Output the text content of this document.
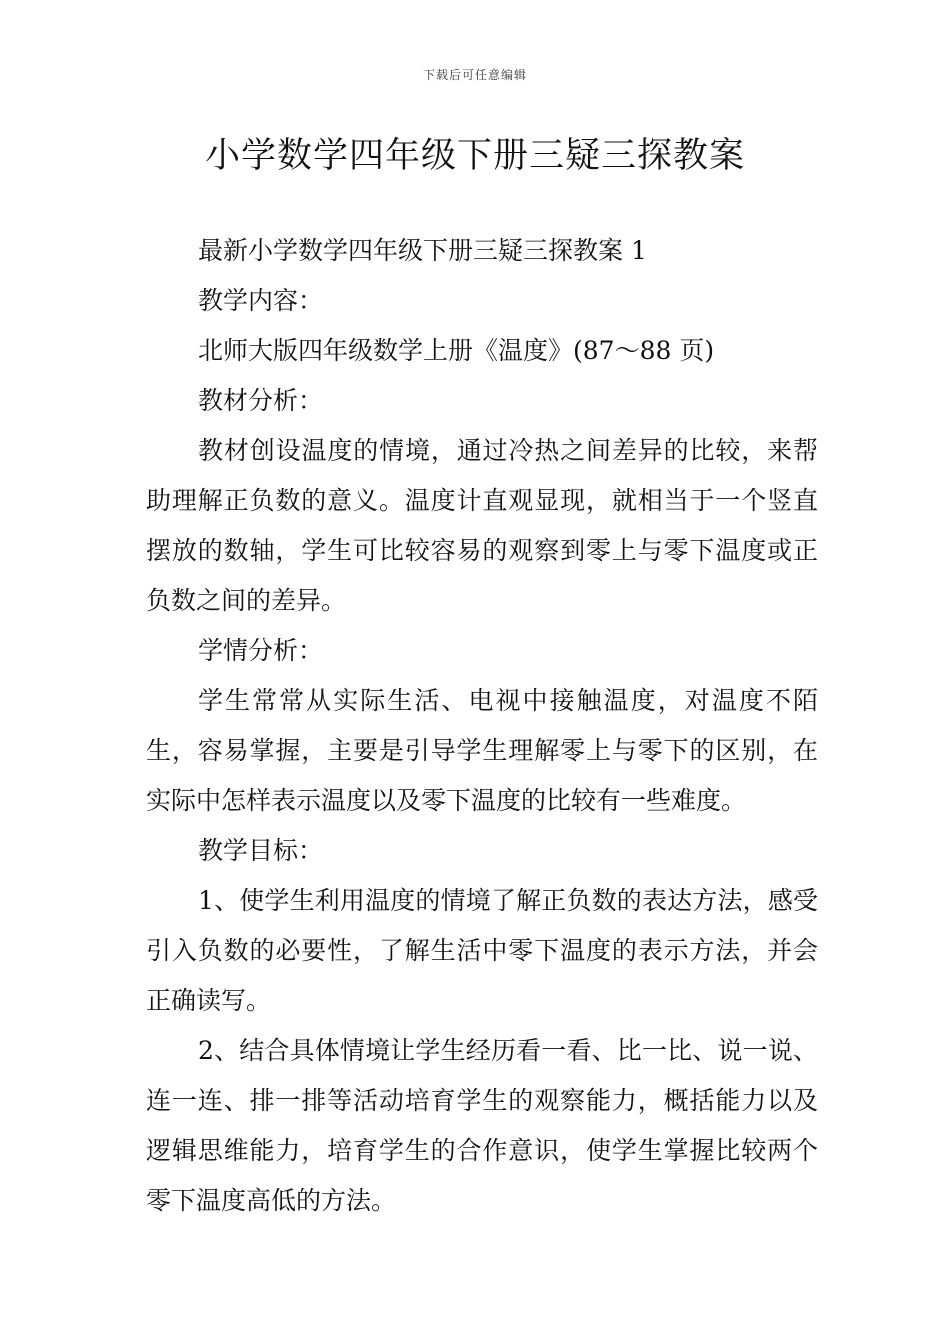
下载后可任意编辑
小学数学四年级下册三疑三探教案

最新小学数学四年级下册三疑三探教案 1

教学内容：

北师大版四年级数学上册《温度》(87～88 页)

教材分析：

教材创设温度的情境，通过冷热之间差异的比较，来帮助理解正负数的意义。温度计直观显现，就相当于一个竖直摆放的数轴，学生可比较容易的观察到零上与零下温度或正负数之间的差异。

学情分析：

学生常常从实际生活、电视中接触温度，对温度不陌生，容易掌握，主要是引导学生理解零上与零下的区别，在实际中怎样表示温度以及零下温度的比较有一些难度。

教学目标：

1、使学生利用温度的情境了解正负数的表达方法，感受引入负数的必要性，了解生活中零下温度的表示方法，并会正确读写。

2、结合具体情境让学生经历看一看、比一比、说一说、连一连、排一排等活动培育学生的观察能力，概括能力以及逻辑思维能力，培育学生的合作意识，使学生掌握比较两个零下温度高低的方法。
